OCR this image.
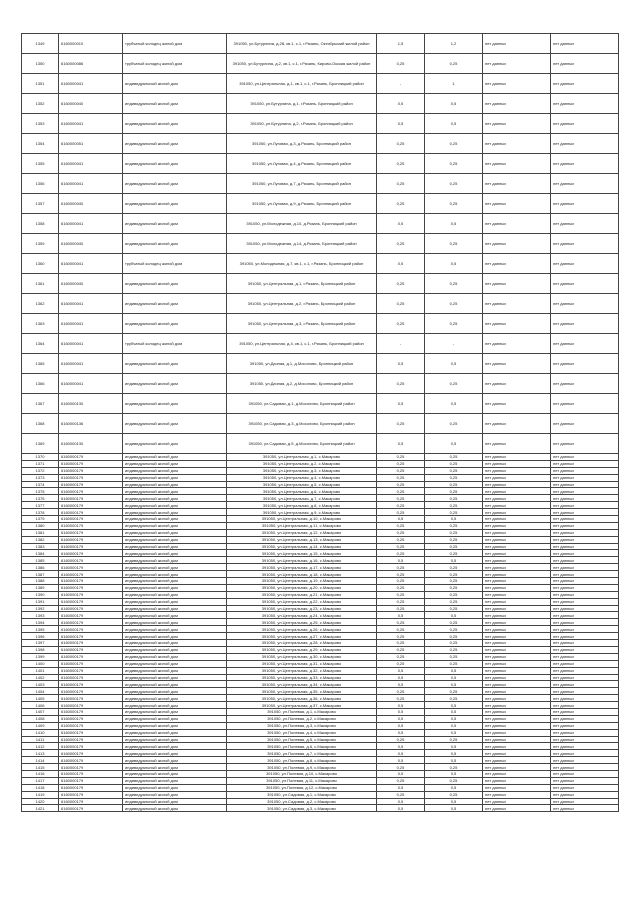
1349	6160000010	трубчатый колодец жилой дом	391050, ул.Бутурлина, д.28, кв.1, с.1, г.Рязань, Октябрьский жилой район	1,5	1,2	нет данных	нет данных
1350	6160000086	трубчатый колодец жилой дом	391050, ул.Бутурлина, д.2, кв.1, с.1, г.Рязань, Кирово-Окская жилой район	0,25	0,25	нет данных	нет данных
1351	6160000041	индивидуальный жилой дом	391050, ул.Центральная, д.1, кв.1, с.1, г.Рязань, Бронницкий район	-	1	нет данных	нет данных
1352	6160000040	индивидуальный жилой дом	391050, ул.Бутурлина, д.1, г.Рязань, Бронницкий район	0,5	0,5	нет данных	нет данных
1353	6160000041	индивидуальный жилой дом	391050, ул.Бутурлина, д.2, г.Рязань, Бронницкий район	0,5	0,5	нет данных	нет данных
1354	6160000051	индивидуальный жилой дом	391050, ул.Луговая, д.3, д.Рязань, Бронницкий район	0,25	0,25	нет данных	нет данных
1355	6160000041	индивидуальный жилой дом	391050, ул.Луговая, д.4, д.Рязань, Бронницкий район	0,25	0,25	нет данных	нет данных
1356	6160000041	индивидуальный жилой дом	391050, ул.Луговая, д.7, д.Рязань, Бронницкий район	0,25	0,25	нет данных	нет данных
1357	6160000040	индивидуальный жилой дом	391050, ул.Луговая, д.9, д.Рязань, Бронницкий район	0,25	0,25	нет данных	нет данных
1358	6160000041	индивидуальный жилой дом	391050, ул.Молодежная, д.10, д.Рязань, Бронницкий район	0,5	0,5	нет данных	нет данных
1359	6160000040	индивидуальный жилой дом	391050, ул.Молодежная, д.14, д.Рязань, Бронницкий район	0,25	0,25	нет данных	нет данных
1360	6160000041	трубчатый колодец жилой дом	391050, ул.Молодежная, д.7, кв.1, с.1, г.Рязань, Бронницкий район	0,5	0,5	нет данных	нет данных
1361	6160000040	индивидуальный жилой дом	391050, ул.Центральная, д.1, г.Рязань, Бронницкий район	0,25	0,25	нет данных	нет данных
1362	6160000041	индивидуальный жилой дом	391050, ул.Центральная, д.2, г.Рязань, Бронницкий район	0,25	0,25	нет данных	нет данных
1363	6160000041	индивидуальный жилой дом	391050, ул.Центральная, д.3, г.Рязань, Бронницкий район	0,25	0,25	нет данных	нет данных
1364	6160000041	трубчатый колодец жилой дом	391050, ул.Центральная, д.4, кв.1, с.1, г.Рязань, Бронницкий район	-	-	нет данных	нет данных
1365	6160000041	индивидуальный жилой дом	391050, ул.Дачная, д.1, д.Мосолово, Бронницкий район	0,5	0,5	нет данных	нет данных
1366	6160000041	индивидуальный жилой дом	391050, ул.Дачная, д.2, д.Мосолово, Бронницкий район	0,25	0,25	нет данных	нет данных
1367	6160000130	индивидуальный жилой дом	391050, ул.Садовая, д.1, д.Мосолово, Бронницкий район	0,5	0,5	нет данных	нет данных
1368	6160000136	индивидуальный жилой дом	391050, ул.Садовая, д.3, д.Мосолово, Бронницкий район	0,25	0,25	нет данных	нет данных
1369	6160000130	индивидуальный жилой дом	391050, ул.Садовая, д.5, д.Мосолово, Бронницкий район	0,5	0,5	нет данных	нет данных
1370	6160000179	индивидуальный жилой дом	391050, ул.Центральная, д.1, с.Макарово	0,25	0,25	нет данных	нет данных
1371	6160000179	индивидуальный жилой дом	391050, ул.Центральная, д.2, с.Макарово	0,25	0,25	нет данных	нет данных
1372	6160000179	индивидуальный жилой дом	391050, ул.Центральная, д.3, с.Макарово	0,25	0,25	нет данных	нет данных
1373	6160000179	индивидуальный жилой дом	391050, ул.Центральная, д.4, с.Макарово	0,25	0,25	нет данных	нет данных
1374	6160000179	индивидуальный жилой дом	391050, ул.Центральная, д.5, с.Макарово	0,25	0,25	нет данных	нет данных
1375	6160000179	индивидуальный жилой дом	391050, ул.Центральная, д.6, с.Макарово	0,25	0,25	нет данных	нет данных
1376	6160000179	индивидуальный жилой дом	391050, ул.Центральная, д.7, с.Макарово	0,25	0,25	нет данных	нет данных
1377	6160000179	индивидуальный жилой дом	391050, ул.Центральная, д.8, с.Макарово	0,25	0,25	нет данных	нет данных
1378	6160000179	индивидуальный жилой дом	391050, ул.Центральная, д.9, с.Макарово	0,25	0,25	нет данных	нет данных
1379	6160000179	индивидуальный жилой дом	391050, ул.Центральная, д.10, с.Макарово	0,5	0,5	нет данных	нет данных
1380	6160000179	индивидуальный жилой дом	391050, ул.Центральная, д.11, с.Макарово	0,25	0,25	нет данных	нет данных
1381	6160000179	индивидуальный жилой дом	391050, ул.Центральная, д.12, с.Макарово	0,25	0,25	нет данных	нет данных
1382	6160000179	индивидуальный жилой дом	391050, ул.Центральная, д.13, с.Макарово	0,25	0,25	нет данных	нет данных
1383	6160000179	индивидуальный жилой дом	391050, ул.Центральная, д.14, с.Макарово	0,25	0,25	нет данных	нет данных
1384	6160000179	индивидуальный жилой дом	391050, ул.Центральная, д.15, с.Макарово	0,25	0,25	нет данных	нет данных
1385	6160000179	индивидуальный жилой дом	391050, ул.Центральная, д.16, с.Макарово	0,5	0,5	нет данных	нет данных
1386	6160000179	индивидуальный жилой дом	391050, ул.Центральная, д.17, с.Макарово	0,25	0,25	нет данных	нет данных
1387	6160000179	индивидуальный жилой дом	391050, ул.Центральная, д.18, с.Макарово	0,25	0,25	нет данных	нет данных
1388	6160000179	индивидуальный жилой дом	391050, ул.Центральная, д.19, с.Макарово	0,25	0,25	нет данных	нет данных
1389	6160000179	индивидуальный жилой дом	391050, ул.Центральная, д.20, с.Макарово	0,25	0,25	нет данных	нет данных
1390	6160000179	индивидуальный жилой дом	391050, ул.Центральная, д.21, с.Макарово	0,25	0,25	нет данных	нет данных
1391	6160000179	индивидуальный жилой дом	391050, ул.Центральная, д.22, с.Макарово	0,25	0,25	нет данных	нет данных
1392	6160000179	индивидуальный жилой дом	391050, ул.Центральная, д.23, с.Макарово	0,25	0,25	нет данных	нет данных
1393	6160000179	индивидуальный жилой дом	391050, ул.Центральная, д.24, с.Макарово	0,5	0,5	нет данных	нет данных
1394	6160000179	индивидуальный жилой дом	391050, ул.Центральная, д.25, с.Макарово	0,25	0,25	нет данных	нет данных
1395	6160000179	индивидуальный жилой дом	391050, ул.Центральная, д.26, с.Макарово	0,25	0,25	нет данных	нет данных
1396	6160000179	индивидуальный жилой дом	391050, ул.Центральная, д.27, с.Макарово	0,25	0,25	нет данных	нет данных
1397	6160000179	индивидуальный жилой дом	391050, ул.Центральная, д.28, с.Макарово	0,25	0,25	нет данных	нет данных
1398	6160000179	индивидуальный жилой дом	391050, ул.Центральная, д.29, с.Макарово	0,25	0,25	нет данных	нет данных
1399	6160000179	индивидуальный жилой дом	391050, ул.Центральная, д.30, с.Макарово	0,25	0,25	нет данных	нет данных
1400	6160000179	индивидуальный жилой дом	391050, ул.Центральная, д.31, с.Макарово	0,25	0,25	нет данных	нет данных
1401	6160000179	индивидуальный жилой дом	391050, ул.Центральная, д.32, с.Макарово	0,5	0,5	нет данных	нет данных
1402	6160000179	индивидуальный жилой дом	391050, ул.Центральная, д.33, с.Макарово	0,5	0,5	нет данных	нет данных
1403	6160000179	индивидуальный жилой дом	391050, ул.Центральная, д.34, с.Макарово	0,5	0,5	нет данных	нет данных
1404	6160000179	индивидуальный жилой дом	391050, ул.Центральная, д.35, с.Макарово	0,25	0,25	нет данных	нет данных
1405	6160000179	индивидуальный жилой дом	391050, ул.Центральная, д.36, с.Макарово	0,25	0,25	нет данных	нет данных
1406	6160000179	индивидуальный жилой дом	391050, ул.Центральная, д.37, с.Макарово	0,5	0,5	нет данных	нет данных
1407	6160000179	индивидуальный жилой дом	391050, ул.Полевая, д.1, с.Макарово	0,5	0,5	нет данных	нет данных
1408	6160000179	индивидуальный жилой дом	391050, ул.Полевая, д.2, с.Макарово	0,5	0,5	нет данных	нет данных
1409	6160000179	индивидуальный жилой дом	391050, ул.Полевая, д.3, с.Макарово	0,5	0,5	нет данных	нет данных
1410	6160000179	индивидуальный жилой дом	391050, ул.Полевая, д.4, с.Макарово	0,5	0,5	нет данных	нет данных
1411	6160000179	индивидуальный жилой дом	391050, ул.Полевая, д.5, с.Макарово	0,25	0,25	нет данных	нет данных
1412	6160000179	индивидуальный жилой дом	391050, ул.Полевая, д.6, с.Макарово	0,5	0,5	нет данных	нет данных
1413	6160000179	индивидуальный жилой дом	391050, ул.Полевая, д.7, с.Макарово	0,5	0,5	нет данных	нет данных
1414	6160000179	индивидуальный жилой дом	391050, ул.Полевая, д.8, с.Макарово	0,5	0,5	нет данных	нет данных
1415	6160000179	индивидуальный жилой дом	391050, ул.Полевая, д.9, с.Макарово	0,25	0,25	нет данных	нет данных
1416	6160000179	индивидуальный жилой дом	391050, ул.Полевая, д.10, с.Макарово	0,5	0,5	нет данных	нет данных
1417	6160000179	индивидуальный жилой дом	391050, ул.Полевая, д.11, с.Макарово	0,25	0,25	нет данных	нет данных
1418	6160000179	индивидуальный жилой дом	391050, ул.Полевая, д.12, с.Макарово	0,5	0,5	нет данных	нет данных
1419	6160000179	индивидуальный жилой дом	391050, ул.Садовая, д.1, с.Макарово	0,25	0,25	нет данных	нет данных
1420	6160000179	индивидуальный жилой дом	391050, ул.Садовая, д.2, с.Макарово	0,5	0,5	нет данных	нет данных
1421	6160000179	индивидуальный жилой дом	391050, ул.Садовая, д.3, с.Макарово	0,5	0,5	нет данных	нет данных
